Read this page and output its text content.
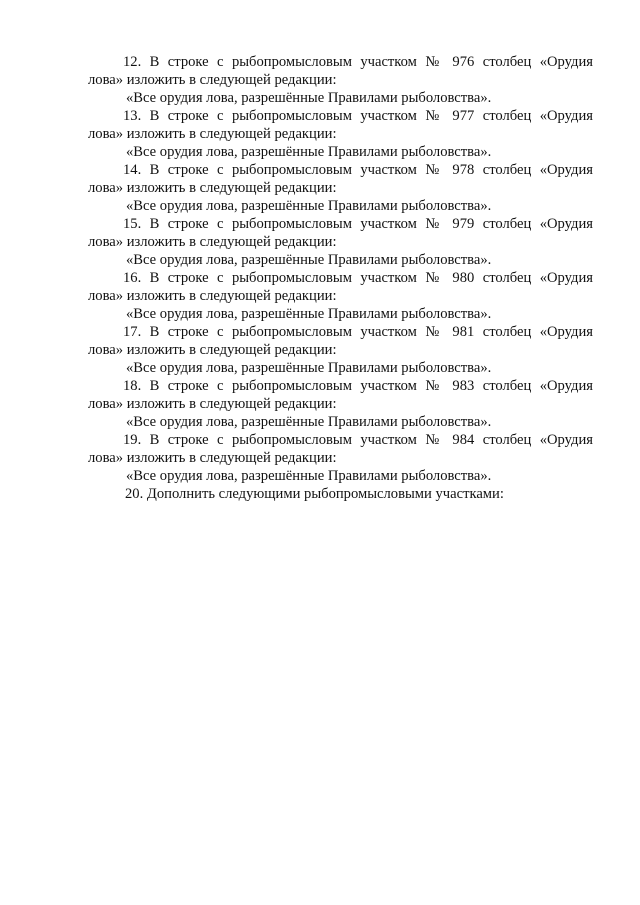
12. В строке с рыбопромысловым участком № 976 столбец «Орудия
лова» изложить в следующей редакции:
«Все орудия лова, разрешённые Правилами рыболовства».
13. В строке с рыбопромысловым участком № 977 столбец «Орудия
лова» изложить в следующей редакции:
«Все орудия лова, разрешённые Правилами рыболовства».
14. В строке с рыбопромысловым участком № 978 столбец «Орудия
лова» изложить в следующей редакции:
«Все орудия лова, разрешённые Правилами рыболовства».
15. В строке с рыбопромысловым участком № 979 столбец «Орудия
лова» изложить в следующей редакции:
«Все орудия лова, разрешённые Правилами рыболовства».
16. В строке с рыбопромысловым участком № 980 столбец «Орудия
лова» изложить в следующей редакции:
«Все орудия лова, разрешённые Правилами рыболовства».
17. В строке с рыбопромысловым участком № 981 столбец «Орудия
лова» изложить в следующей редакции:
«Все орудия лова, разрешённые Правилами рыболовства».
18. В строке с рыбопромысловым участком № 983 столбец «Орудия
лова» изложить в следующей редакции:
«Все орудия лова, разрешённые Правилами рыболовства».
19. В строке с рыбопромысловым участком № 984 столбец «Орудия
лова» изложить в следующей редакции:
«Все орудия лова, разрешённые Правилами рыболовства».
20. Дополнить следующими рыбопромысловыми участками:
